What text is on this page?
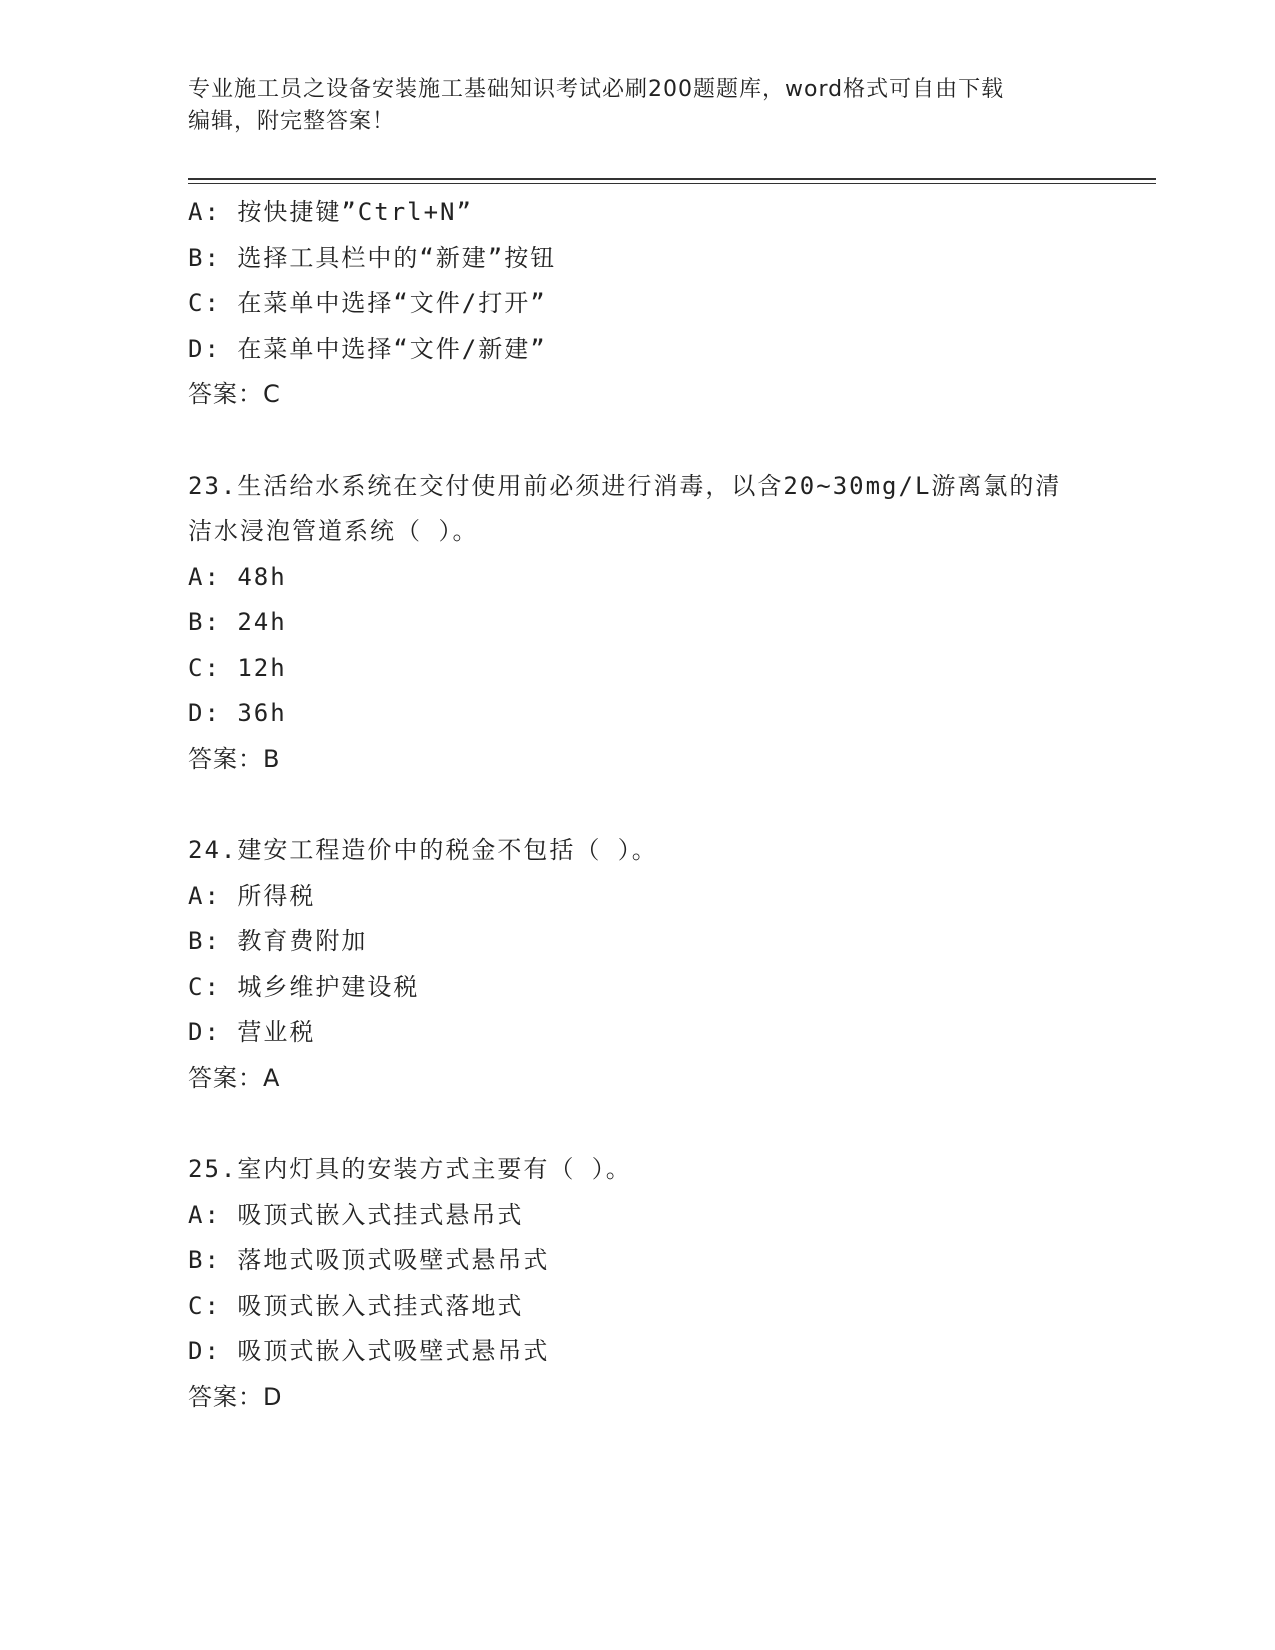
专业施工员之设备安装施工基础知识考试必刷200题题库，word格式可自由下载
编辑，附完整答案！
A: 按快捷键”Ctrl+N”
B: 选择工具栏中的“新建”按钮
C: 在菜单中选择“文件/打开”
D: 在菜单中选择“文件/新建”
答案：C
23.生活给水系统在交付使用前必须进行消毒，以含20~30mg/L游离氯的清洁水浸泡管道系统（ ）。
A: 48h
B: 24h
C: 12h
D: 36h
答案：B
24.建安工程造价中的税金不包括（ ）。
A: 所得税
B: 教育费附加
C: 城乡维护建设税
D: 营业税
答案：A
25.室内灯具的安装方式主要有（ ）。
A: 吸顶式嵌入式挂式悬吊式
B: 落地式吸顶式吸壁式悬吊式
C: 吸顶式嵌入式挂式落地式
D: 吸顶式嵌入式吸壁式悬吊式
答案：D
